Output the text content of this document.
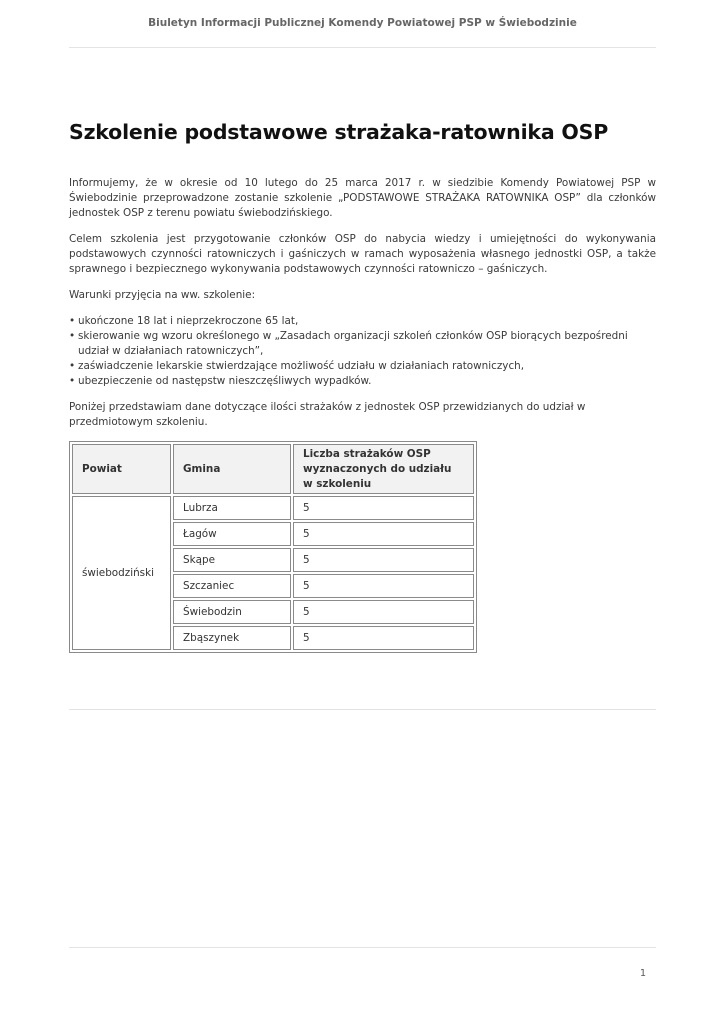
Biuletyn Informacji Publicznej Komendy Powiatowej PSP w Świebodzinie
Szkolenie podstawowe strażaka-ratownika OSP

Informujemy, że w okresie od 10 lutego do 25 marca 2017 r. w siedzibie Komendy Powiatowej PSP w Świebodzinie przeprowadzone zostanie szkolenie „PODSTAWOWE STRAŻAKA RATOWNIKA OSP” dla członków jednostek OSP z terenu powiatu świebodzińskiego.

Celem szkolenia jest przygotowanie członków OSP do nabycia wiedzy i umiejętności do wykonywania podstawowych czynności ratowniczych i gaśniczych w ramach wyposażenia własnego jednostki OSP, a także sprawnego i bezpiecznego wykonywania podstawowych czynności ratowniczo – gaśniczych.

Warunki przyjęcia na ww. szkolenie:

• ukończone 18 lat i nieprzekroczone 65 lat,
• skierowanie wg wzoru określonego w „Zasadach organizacji szkoleń członków OSP biorących bezpośredni udział w działaniach ratowniczych”,
• zaświadczenie lekarskie stwierdzające możliwość udziału w działaniach ratowniczych,
• ubezpieczenie od następstw nieszczęśliwych wypadków.

Poniżej przedstawiam dane dotyczące ilości strażaków z jednostek OSP przewidzianych do udział w przedmiotowym szkoleniu.

Powiat	Gmina	Liczba strażaków OSP wyznaczonych do udziału w szkoleniu
świebodziński	Lubrza	5
	Łagów	5
	Skąpe	5
	Szczaniec	5
	Świebodzin	5
	Zbąszynek	5
1
